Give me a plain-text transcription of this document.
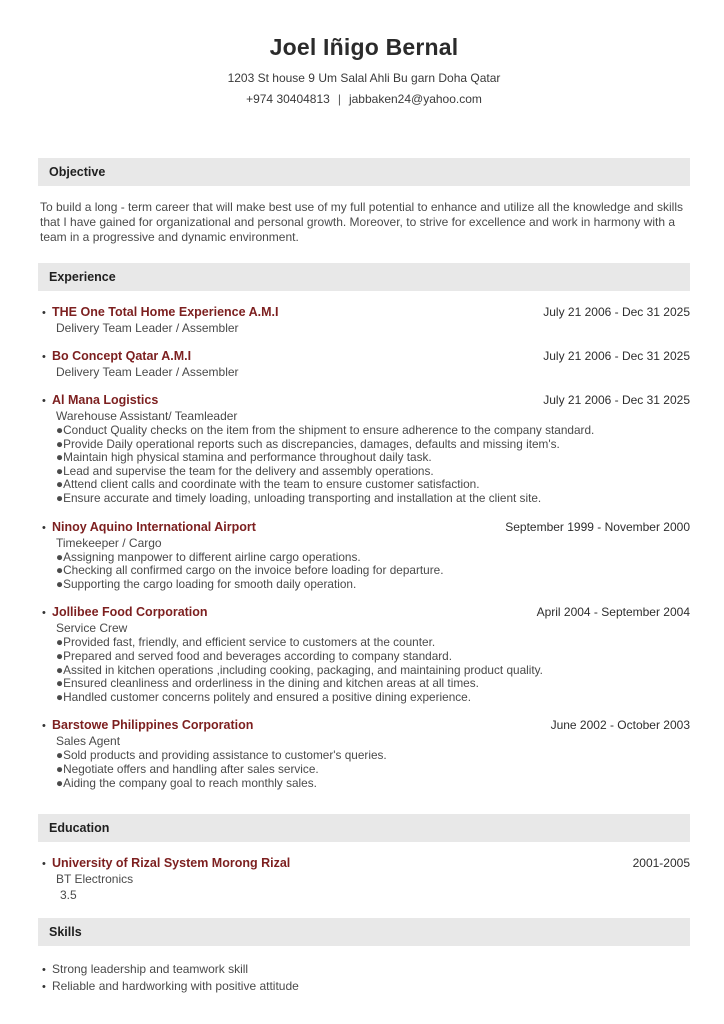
Joel Iñigo Bernal
1203 St house 9 Um Salal Ahli Bu garn Doha Qatar
+974 30404813 | jabbaken24@yahoo.com
Objective

To build a long - term career that will make best use of my full potential to enhance and utilize all the knowledge and skills that I have gained for organizational and personal growth. Moreover, to strive for excellence and work in harmony with a team in a progressive and dynamic environment.

Experience
• THE One Total Home Experience A.M.I	July 21 2006 - Dec 31 2025
Delivery Team Leader / Assembler
• Bo Concept Qatar A.M.I	July 21 2006 - Dec 31 2025
Delivery Team Leader / Assembler
• Al Mana Logistics	July 21 2006 - Dec 31 2025
Warehouse Assistant/ Teamleader
●Conduct Quality checks on the item from the shipment to ensure adherence to the company standard.
●Provide Daily operational reports such as discrepancies, damages, defaults and missing item's.
●Maintain high physical stamina and performance throughout daily task.
●Lead and supervise the team for the delivery and assembly operations.
●Attend client calls and coordinate with the team to ensure customer satisfaction.
●Ensure accurate and timely loading, unloading transporting and installation at the client site.
• Ninoy Aquino International Airport	September 1999 - November 2000
Timekeeper / Cargo
●Assigning manpower to different airline cargo operations.
●Checking all confirmed cargo on the invoice before loading for departure.
●Supporting the cargo loading for smooth daily operation.
• Jollibee Food Corporation	April 2004 - September 2004
Service Crew
●Provided fast, friendly, and efficient service to customers at the counter.
●Prepared and served food and beverages according to company standard.
●Assited in kitchen operations ,including cooking, packaging, and maintaining product quality.
●Ensured cleanliness and orderliness in the dining and kitchen areas at all times.
●Handled customer concerns politely and ensured a positive dining experience.
• Barstowe Philippines Corporation	June 2002 - October 2003
Sales Agent
●Sold products and providing assistance to customer's queries.
●Negotiate offers and handling after sales service.
●Aiding the company goal to reach monthly sales.
Education
• University of Rizal System Morong Rizal	2001-2005
BT Electronics
3.5
Skills
• Strong leadership and teamwork skill
• Reliable and hardworking with positive attitude
